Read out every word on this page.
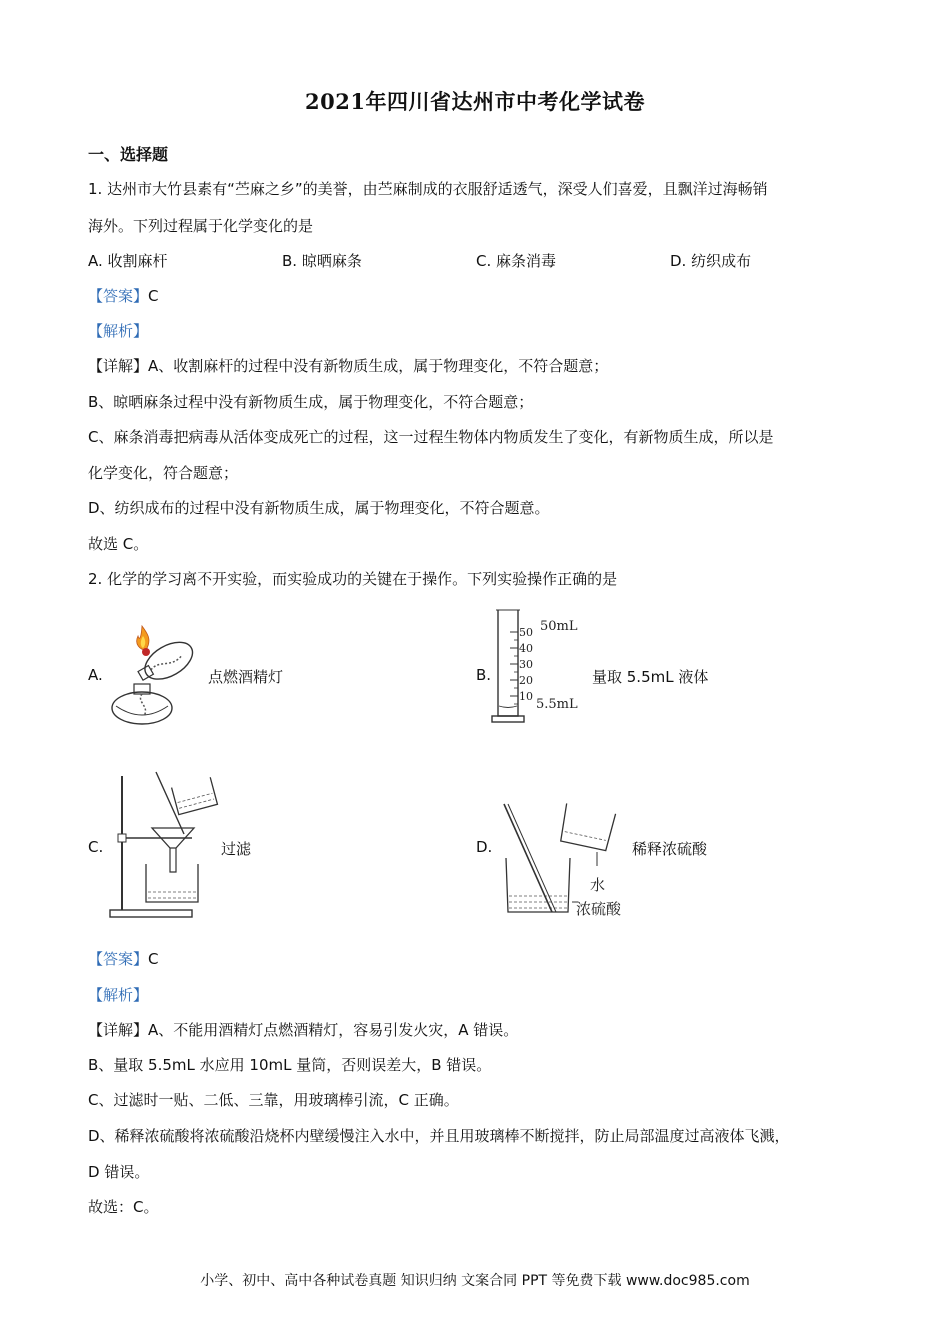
2021年四川省达州市中考化学试卷
一、选择题
1. 达州市大竹县素有“苎麻之乡”的美誉，由苎麻制成的衣服舒适透气，深受人们喜爱，且飘洋过海畅销
海外。下列过程属于化学变化的是
A. 收割麻杆	B. 晾晒麻条	C. 麻条消毒	D. 纺织成布
【答案】C
【解析】
【详解】A、收割麻杆的过程中没有新物质生成，属于物理变化，不符合题意；
B、晾晒麻条过程中没有新物质生成，属于物理变化，不符合题意；
C、麻条消毒把病毒从活体变成死亡的过程，这一过程生物体内物质发生了变化，有新物质生成，所以是
化学变化，符合题意；
D、纺织成布的过程中没有新物质生成，属于物理变化，不符合题意。
故选 C。
2. 化学的学习离不开实验，而实验成功的关键在于操作。下列实验操作正确的是
A.	点燃酒精灯	B.
50
40
30
20
10
50mL
5.5mL
量取 5.5mL 液体
C.	过滤	D.
水
浓硫酸
稀释浓硫酸
【答案】C
【解析】
【详解】A、不能用酒精灯点燃酒精灯，容易引发火灾，A 错误。
B、量取 5.5mL 水应用 10mL 量筒，否则误差大，B 错误。
C、过滤时一贴、二低、三靠，用玻璃棒引流，C 正确。
D、稀释浓硫酸将浓硫酸沿烧杯内壁缓慢注入水中，并且用玻璃棒不断搅拌，防止局部温度过高液体飞溅，
D 错误。
故选：C。
小学、初中、高中各种试卷真题 知识归纳 文案合同 PPT 等免费下载 www.doc985.com
